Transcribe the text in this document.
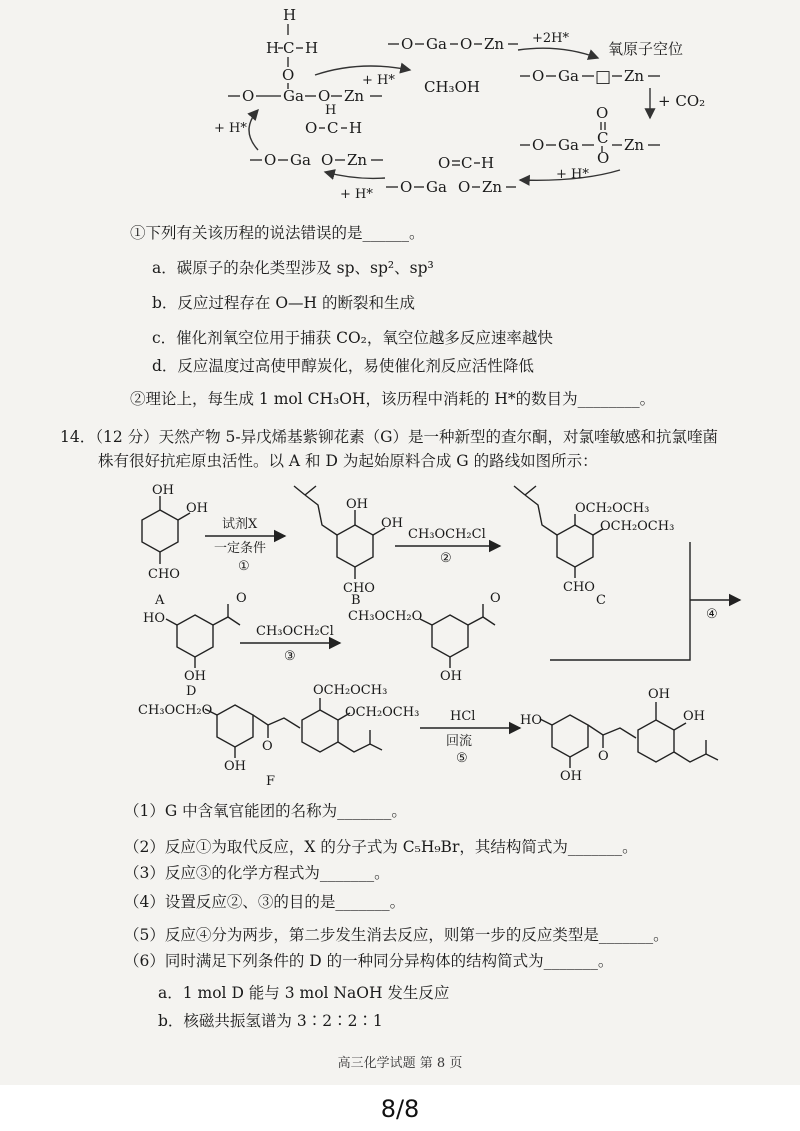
H
H C H
O
O Ga O Zn
+ H* CH₃OH
O Ga O Zn +2H*
氧原子空位
O Ga □ Zn
+ CO₂
O
C
O Ga
O
Zn
+ H*
O C H
O Ga O Zn
+ H*
O C H
H
O Ga O Zn
+ H*
①下列有关该历程的说法错误的是______。
a．碳原子的杂化类型涉及 sp、sp²、sp³
b．反应过程存在 O—H 的断裂和生成
c．催化剂氧空位用于捕获 CO₂，氧空位越多反应速率越快
d．反应温度过高使甲醇炭化，易使催化剂反应活性降低
②理论上，每生成 1 mol CH₃OH，该历程中消耗的 H*的数目为________。
14．（12 分）天然产物 5-异戊烯基紫铆花素（G）是一种新型的查尔酮，对氯喹敏感和抗氯喹菌
株有很好抗疟原虫活性。以 A 和 D 为起始原料合成 G 的路线如图所示：
OH
OH
CHO
A
试剂X
一定条件
①
OH
OH
CHO
B
CH₃OCH₂Cl
②
OCH₂OCH₃
OCH₂OCH₃
CHO
C
④
HO
OH
O
D
CH₃OCH₂Cl
③
CH₃OCH₂O
OH
O
CH₃OCH₂O
OH
O
OCH₂OCH₃
OCH₂OCH₃
F
HCl
回流
⑤
HO
OH
O
OH
OH
（1）G 中含氧官能团的名称为_______。
（2）反应①为取代反应，X 的分子式为 C₅H₉Br，其结构简式为_______。
（3）反应③的化学方程式为_______。
（4）设置反应②、③的目的是_______。
（5）反应④分为两步，第二步发生消去反应，则第一步的反应类型是_______。
（6）同时满足下列条件的 D 的一种同分异构体的结构简式为_______。
a．1 mol D 能与 3 mol NaOH 发生反应
b．核磁共振氢谱为 3∶2∶2∶1
高三化学试题 第 8 页
8/8
